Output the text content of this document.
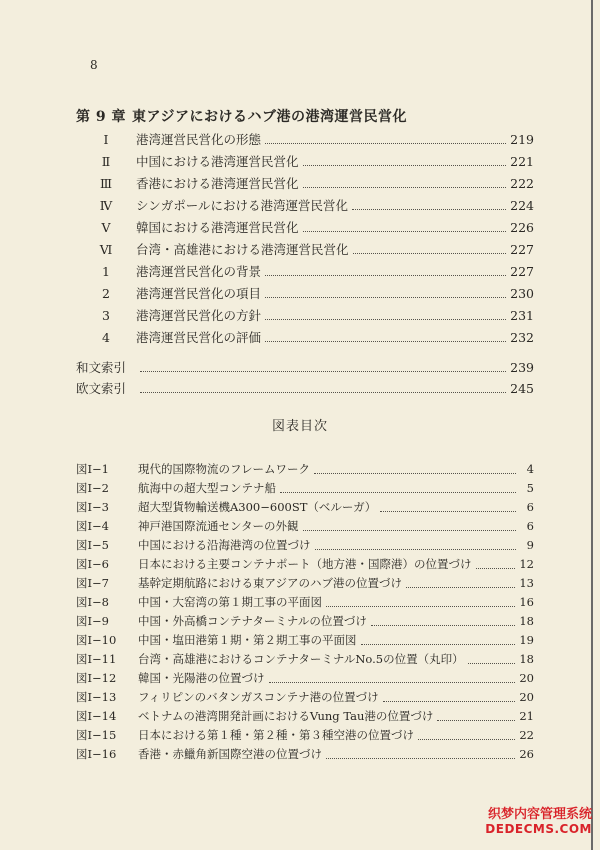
8
第 9 章 東アジアにおけるハブ港の港湾運営民営化
Ⅰ	港湾運営民営化の形態	219
Ⅱ	中国における港湾運営民営化	221
Ⅲ	香港における港湾運営民営化	222
Ⅳ	シンガポールにおける港湾運営民営化	224
Ⅴ	韓国における港湾運営民営化	226
Ⅵ	台湾・高雄港における港湾運営民営化	227
1	港湾運営民営化の背景	227
2	港湾運営民営化の項目	230
3	港湾運営民営化の方針	231
4	港湾運営民営化の評価	232
和文索引	239
欧文索引	245
図表目次
図Ⅰ−1	現代的国際物流のフレームワーク	4
図Ⅰ−2	航海中の超大型コンテナ船	5
図Ⅰ−3	超大型貨物輸送機A300−600ST（ベルーガ）	6
図Ⅰ−4	神戸港国際流通センターの外観	6
図Ⅰ−5	中国における沿海港湾の位置づけ	9
図Ⅰ−6	日本における主要コンテナポート（地方港・国際港）の位置づけ	12
図Ⅰ−7	基幹定期航路における東アジアのハブ港の位置づけ	13
図Ⅰ−8	中国・大窑湾の第１期工事の平面図	16
図Ⅰ−9	中国・外高橋コンテナターミナルの位置づけ	18
図Ⅰ−10	中国・塩田港第１期・第２期工事の平面図	19
図Ⅰ−11	台湾・高雄港におけるコンテナターミナルNo.5の位置（丸印）	18
図Ⅰ−12	韓国・光陽港の位置づけ	20
図Ⅰ−13	フィリピンのバタンガスコンテナ港の位置づけ	20
図Ⅰ−14	ベトナムの港湾開発計画におけるVung Tau港の位置づけ	21
図Ⅰ−15	日本における第１種・第２種・第３種空港の位置づけ	22
図Ⅰ−16	香港・赤鱲角新国際空港の位置づけ	26
织梦内容管理系统
DEDECMS.COM
